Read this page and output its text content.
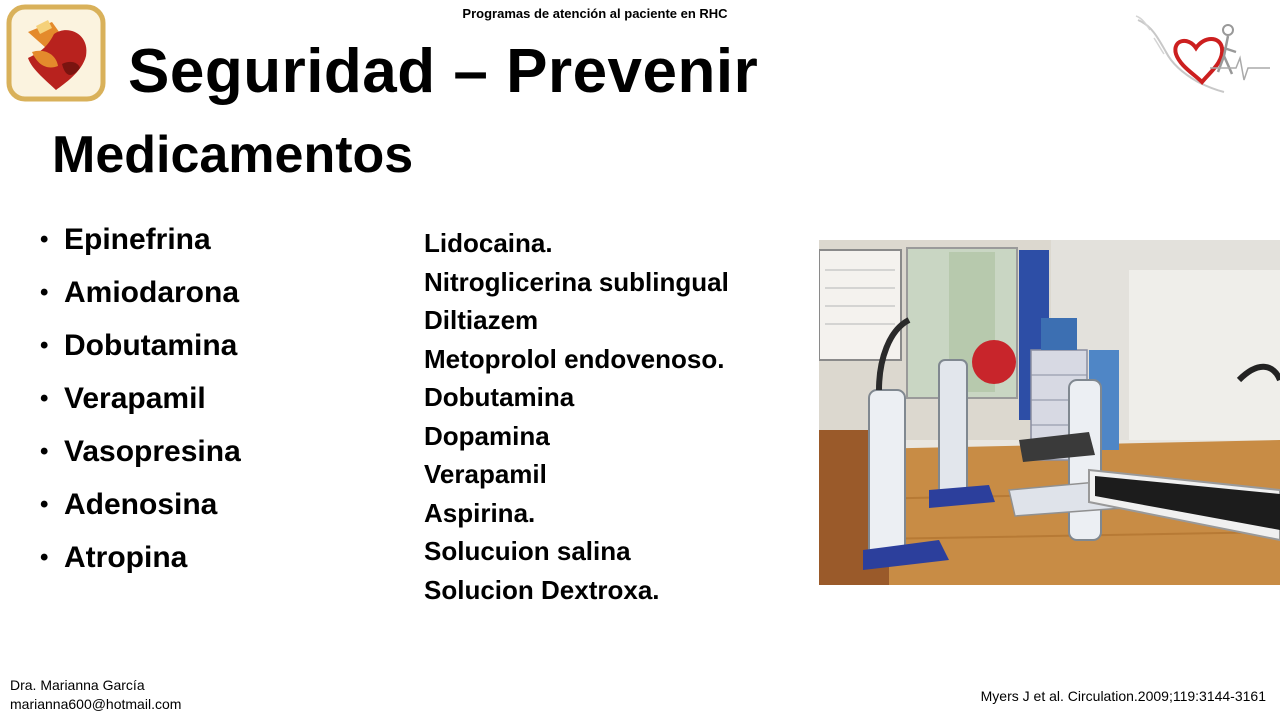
Programas de atención al paciente en RHC
Seguridad – Prevenir
Medicamentos
• Epinefrina
• Amiodarona
• Dobutamina
• Verapamil
• Vasopresina
• Adenosina
• Atropina
Lidocaina.
Nitroglicerina sublingual
Diltiazem
Metoprolol endovenoso.
Dobutamina
Dopamina
Verapamil
Aspirina.
Solucuion salina
Solucion Dextroxa.
Dra. Marianna García
marianna600@hotmail.com	Myers J et al. Circulation.2009;119:3144-3161
